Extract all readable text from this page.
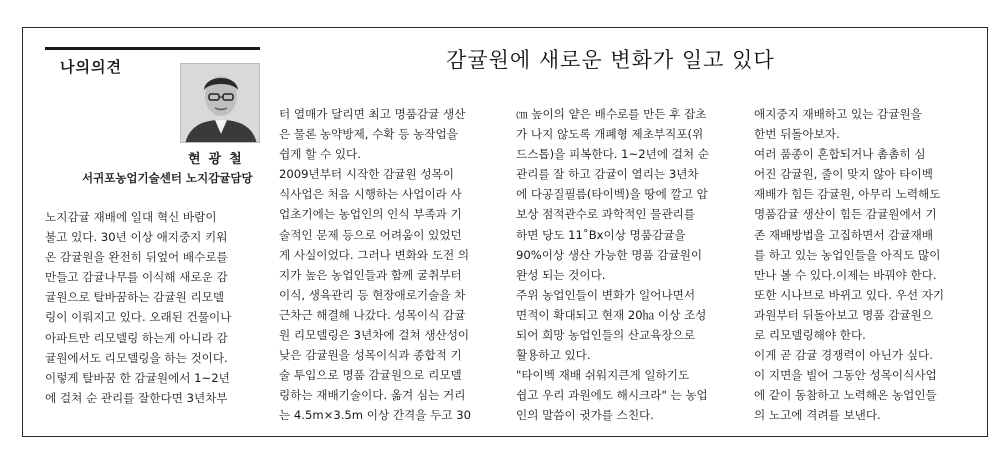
나의의견	감귤원에 새로운 변화가 일고 있다
현광철
서귀포농업기술센터 노지감귤담당

노지감귤 재배에 일대 혁신 바람이
불고 있다. 30년 이상 애지중지 키워
온 감귤원을 완전히 뒤엎어 배수로를
만들고 감귤나무를 이식해 새로운 감
귤원으로 탈바꿈하는 감귤원 리모델
링이 이뤄지고 있다. 오래된 건물이나
아파트만 리모델링 하는게 아니라 감
귤원에서도 리모델링을 하는 것이다.
이렇게 탈바꿈 한 감귤원에서 1~2년
에 걸쳐 순 관리를 잘한다면 3년차부

터 열매가 달리면 최고 명품감귤 생산
은 물론 농약방제, 수확 등 농작업을
쉽게 할 수 있다.

2009년부터 시작한 감귤원 성목이
식사업은 처음 시행하는 사업이라 사
업초기에는 농업인의 인식 부족과 기
술적인 문제 등으로 어려움이 있었던
게 사실이었다. 그러나 변화와 도전 의
지가 높은 농업인들과 함께 굴취부터
이식, 생육관리 등 현장애로기술을 차
근차근 해결해 나갔다. 성목이식 감귤
원 리모델링은 3년차에 걸쳐 생산성이
낮은 감귤원을 성목이식과 종합적 기
술 투입으로 명품 감귤원으로 리모델
링하는 재배기술이다. 옮겨 심는 거리
는 4.5m×3.5m 이상 간격을 두고 30

㎝ 높이의 얕은 배수로를 만든 후 잡초
가 나지 않도록 개폐형 제초부직포(위
드스톱)을 피복한다. 1~2년에 걸쳐 순
관리를 잘 하고 감귤이 열리는 3년차
에 다공질필름(타이벡)을 땅에 깔고 압
보상 점적관수로 과학적인 물관리를
하면 당도 11˚Bx이상 명품감귤을
90%이상 생산 가능한 명품 감귤원이
완성 되는 것이다.

주위 농업인들이 변화가 일어나면서
면적이 확대되고 현재 20㏊ 이상 조성
되어 희망 농업인들의 산교육장으로
활용하고 있다.

"타이벡 재배 쉬워지큰게 일하기도
쉽고 우리 과원에도 해시크라" 는 농업
인의 말씀이 귓가를 스친다.

애지중지 재배하고 있는 감귤원을
한번 뒤돌아보자.

여러 품종이 혼합되거나 촘촘히 심
어진 감귤원, 줄이 맞지 않아 타이벡
재배가 힘든 감귤원, 아무리 노력해도
명품감귤 생산이 힘든 감귤원에서 기
존 재배방법을 고집하면서 감귤재배
를 하고 있는 농업인들을 아직도 많이
만나 볼 수 있다.이제는 바꿔야 한다.
또한 시나브로 바뀌고 있다. 우선 자기
과원부터 뒤돌아보고 명품 감귤원으
로 리모델링해야 한다.

이게 곧 감귤 경쟁력이 아닌가 싶다.
이 지면을 빌어 그동안 성목이식사업
에 같이 동참하고 노력해온 농업인들
의 노고에 격려를 보낸다.
